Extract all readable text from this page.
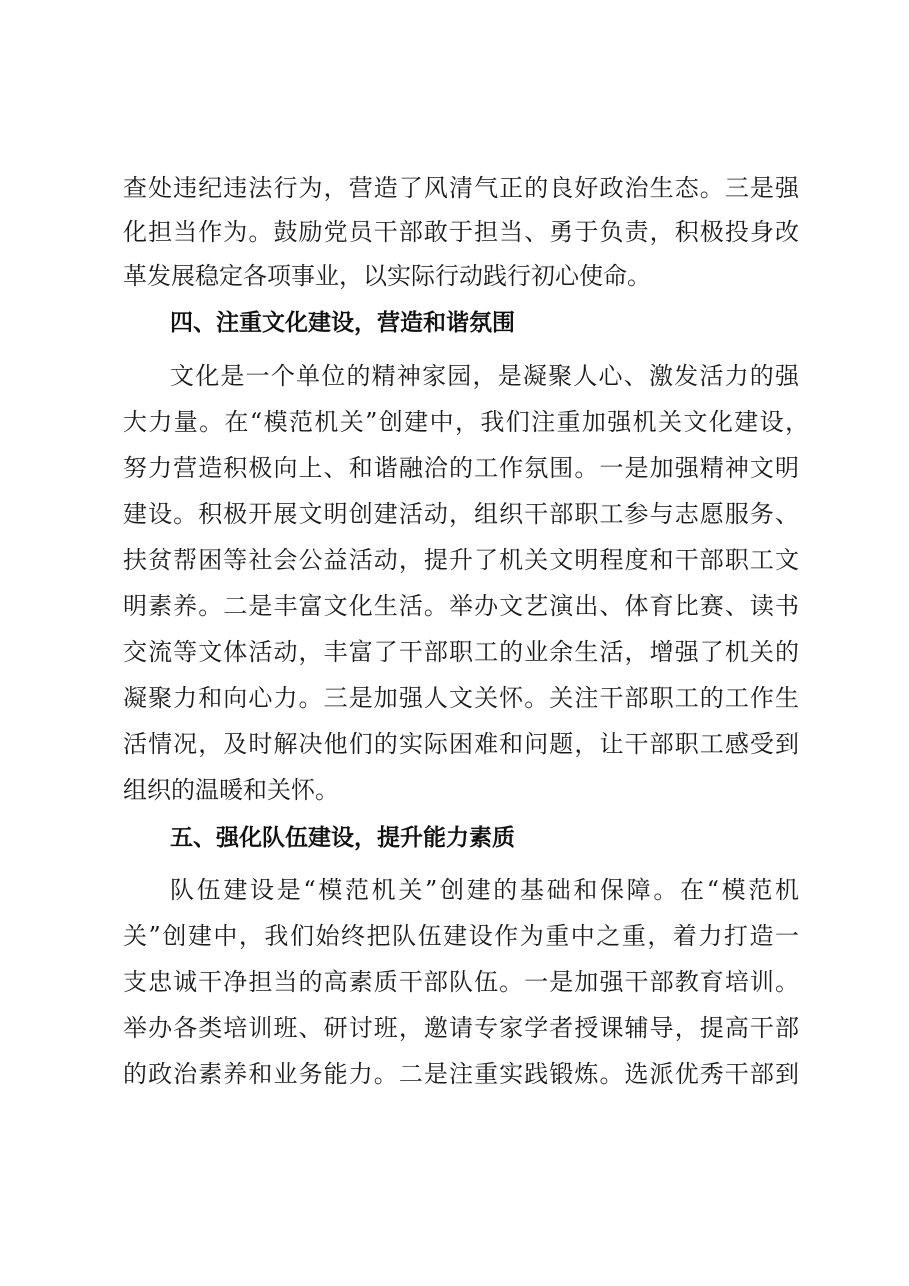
查处违纪违法行为，营造了风清气正的良好政治生态。三是强
化担当作为。鼓励党员干部敢于担当、勇于负责，积极投身改
革发展稳定各项事业，以实际行动践行初心使命。
四、注重文化建设，营造和谐氛围
文化是一个单位的精神家园，是凝聚人心、激发活力的强
大力量。在“模范机关”创建中，我们注重加强机关文化建设，
努力营造积极向上、和谐融洽的工作氛围。一是加强精神文明
建设。积极开展文明创建活动，组织干部职工参与志愿服务、
扶贫帮困等社会公益活动，提升了机关文明程度和干部职工文
明素养。二是丰富文化生活。举办文艺演出、体育比赛、读书
交流等文体活动，丰富了干部职工的业余生活，增强了机关的
凝聚力和向心力。三是加强人文关怀。关注干部职工的工作生
活情况，及时解决他们的实际困难和问题，让干部职工感受到
组织的温暖和关怀。
五、强化队伍建设，提升能力素质
队伍建设是“模范机关”创建的基础和保障。在“模范机
关”创建中，我们始终把队伍建设作为重中之重，着力打造一
支忠诚干净担当的高素质干部队伍。一是加强干部教育培训。
举办各类培训班、研讨班，邀请专家学者授课辅导，提高干部
的政治素养和业务能力。二是注重实践锻炼。选派优秀干部到
